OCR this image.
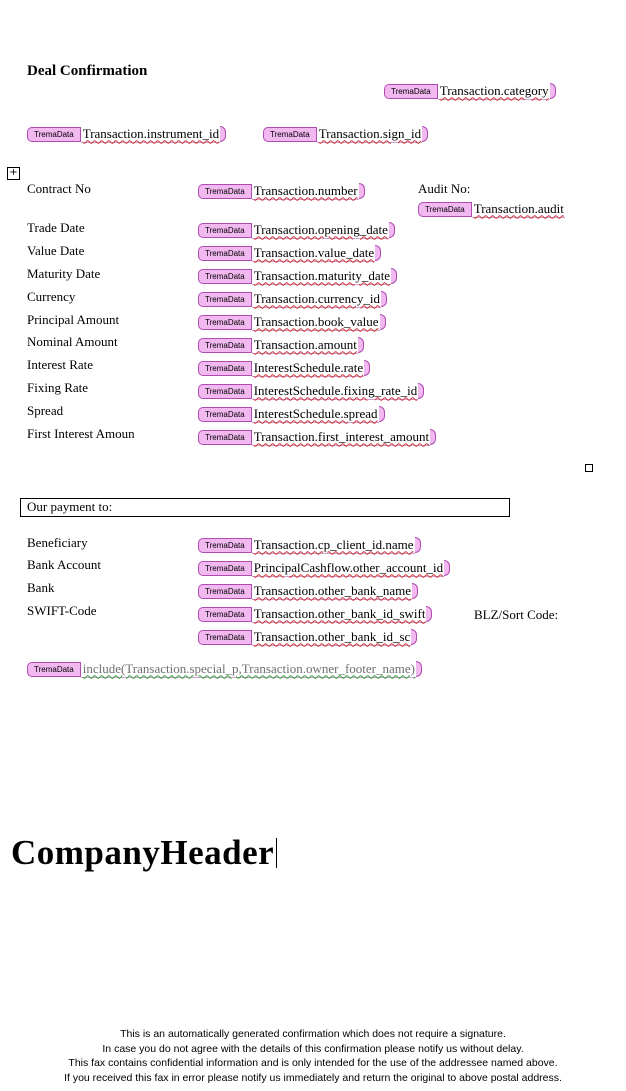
Deal Confirmation
TremaData Transaction.category
TremaData Transaction.instrument_id	TremaData Transaction.sign_id
+
Contract No	TremaData Transaction.number	Audit No:
TremaData Transaction.audit
Trade Date	TremaData Transaction.opening_date
Value Date	TremaData Transaction.value_date
Maturity Date	TremaData Transaction.maturity_date
Currency	TremaData Transaction.currency_id
Principal Amount	TremaData Transaction.book_value
Nominal Amount	TremaData Transaction.amount
Interest Rate	TremaData InterestSchedule.rate
Fixing Rate	TremaData InterestSchedule.fixing_rate_id
Spread	TremaData InterestSchedule.spread
First Interest Amoun	TremaData Transaction.first_interest_amount
Our payment to:
Beneficiary	TremaData Transaction.cp_client_id.name
Bank Account	TremaData PrincipalCashflow.other_account_id
Bank	TremaData Transaction.other_bank_name
SWIFT-Code	TremaData Transaction.other_bank_id_swift	BLZ/Sort Code:
TremaData Transaction.other_bank_id_sc
TremaData include(Transaction.special_p,Transaction.owner_footer_name)
CompanyHeader
This is an automatically generated confirmation which does not require a signature.
In case you do not agree with the details of this confirmation please notify us without delay.
This fax contains confidential information and is only intended for the use of the addressee named above.
If you received this fax in error please notify us immediately and return the original to above postal address.
